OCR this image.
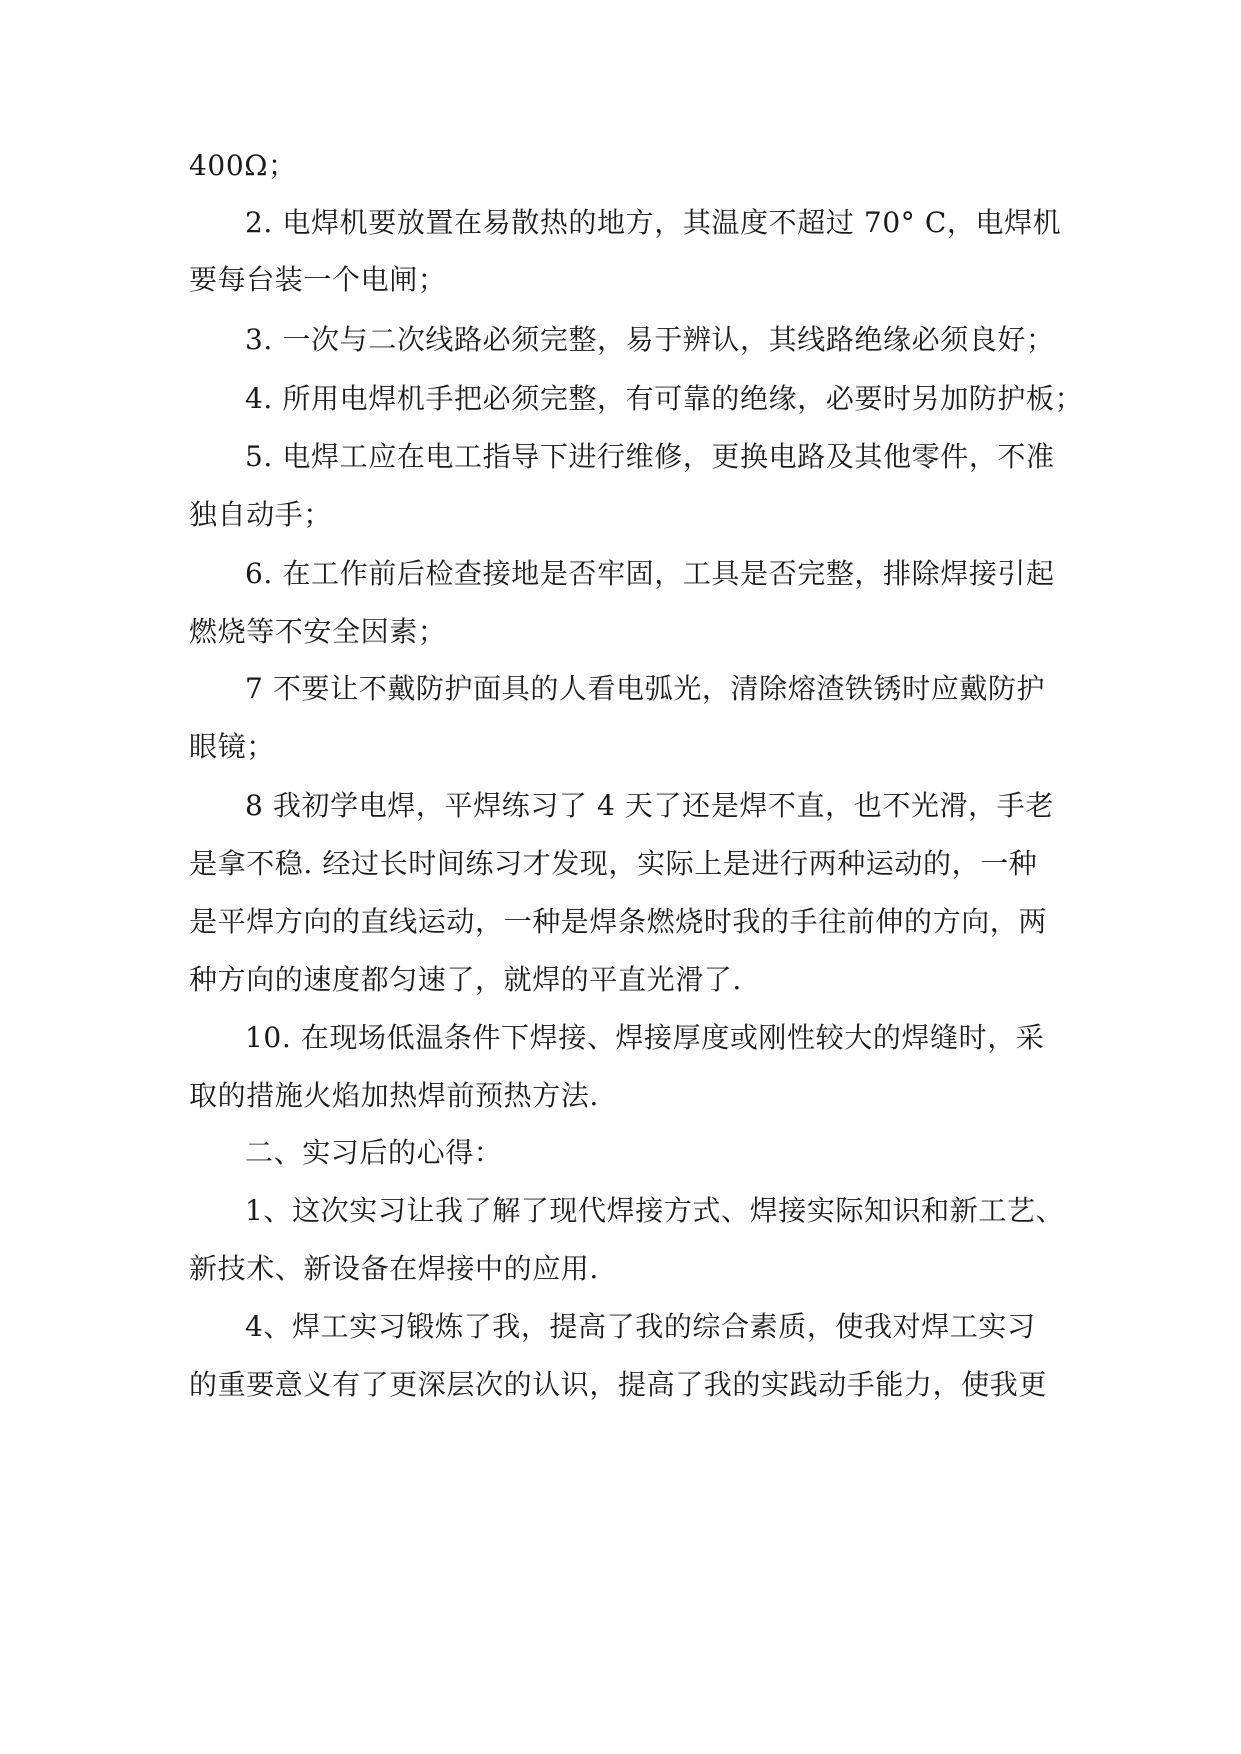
400Ω；
2. 电焊机要放置在易散热的地方，其温度不超过 70° C，电焊机
要每台装一个电闸；
3. 一次与二次线路必须完整，易于辨认，其线路绝缘必须良好；
4. 所用电焊机手把必须完整，有可靠的绝缘，必要时另加防护板；
5. 电焊工应在电工指导下进行维修，更换电路及其他零件，不准
独自动手；
6. 在工作前后检查接地是否牢固，工具是否完整，排除焊接引起
燃烧等不安全因素；
7 不要让不戴防护面具的人看电弧光，清除熔渣铁锈时应戴防护
眼镜；
8 我初学电焊，平焊练习了 4 天了还是焊不直，也不光滑，手老
是拿不稳. 经过长时间练习才发现，实际上是进行两种运动的，一种
是平焊方向的直线运动，一种是焊条燃烧时我的手往前伸的方向，两
种方向的速度都匀速了，就焊的平直光滑了.
10. 在现场低温条件下焊接、焊接厚度或刚性较大的焊缝时，采
取的措施火焰加热焊前预热方法.
二、实习后的心得：
1、这次实习让我了解了现代焊接方式、焊接实际知识和新工艺、
新技术、新设备在焊接中的应用.
4、焊工实习锻炼了我，提高了我的综合素质，使我对焊工实习
的重要意义有了更深层次的认识，提高了我的实践动手能力，使我更
